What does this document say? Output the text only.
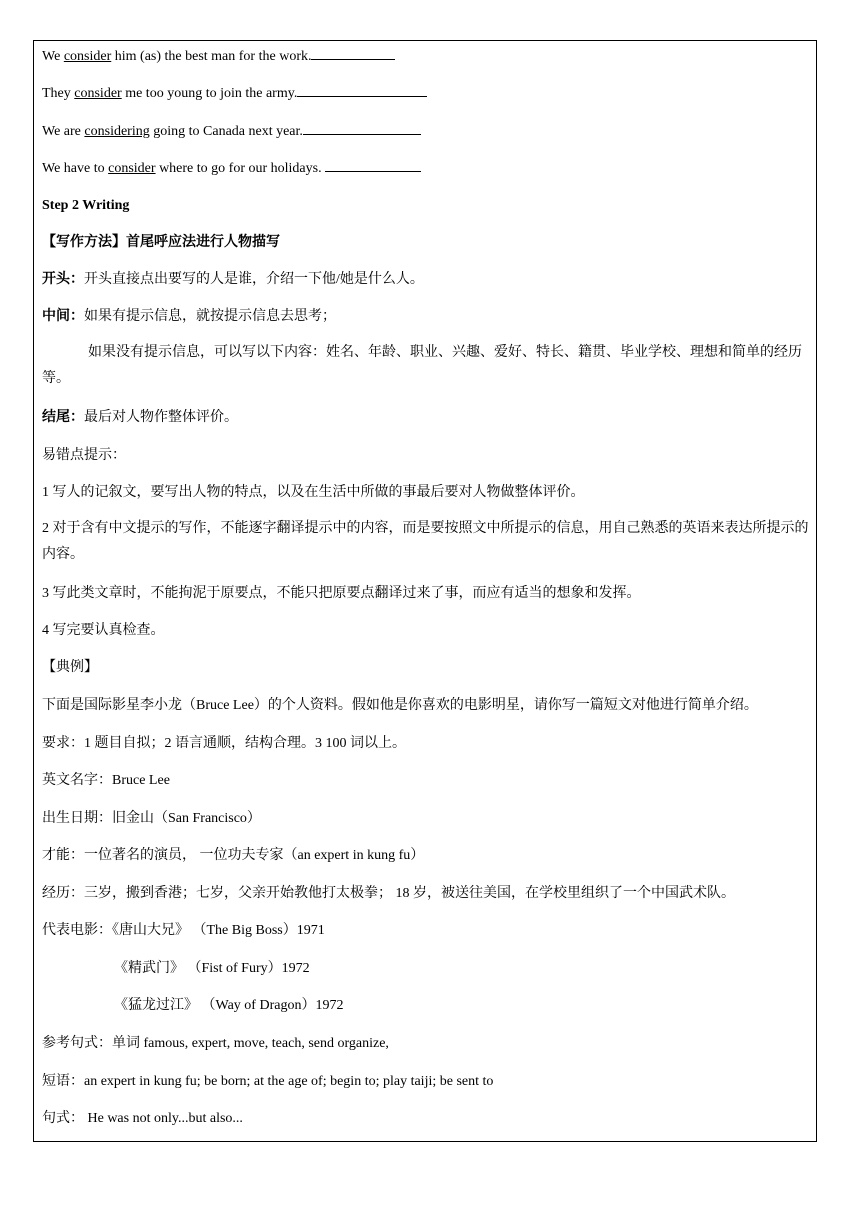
We consider him (as) the best man for the work.
They consider me too young to join the army.
We are considering going to Canada next year.
We have to consider where to go for our holidays.
Step 2 Writing
【写作方法】首尾呼应法进行人物描写
开头：开头直接点出要写的人是谁，介绍一下他/她是什么人。
中间：如果有提示信息，就按提示信息去思考；
如果没有提示信息，可以写以下内容：姓名、年龄、职业、兴趣、爱好、特长、籍贯、毕业学校、理想和简单的经历等。
结尾：最后对人物作整体评价。
易错点提示：
1 写人的记叙文，要写出人物的特点，以及在生活中所做的事最后要对人物做整体评价。
2 对于含有中文提示的写作，不能逐字翻译提示中的内容，而是要按照文中所提示的信息，用自己熟悉的英语来表达所提示的内容。
3 写此类文章时，不能拘泥于原要点，不能只把原要点翻译过来了事，而应有适当的想象和发挥。
4 写完要认真检查。
【典例】
下面是国际影星李小龙（Bruce Lee）的个人资料。假如他是你喜欢的电影明星，请你写一篇短文对他进行简单介绍。
要求：1 题目自拟；2 语言通顺，结构合理。3 100 词以上。
英文名字：Bruce Lee
出生日期：旧金山（San Francisco）
才能：一位著名的演员， 一位功夫专家（an expert in kung fu）
经历：三岁，搬到香港；七岁，父亲开始教他打太极拳； 18 岁，被送往美国，在学校里组织了一个中国武术队。
代表电影：《唐山大兄》 （The Big Boss）1971
《精武门》 （Fist of Fury）1972
《猛龙过江》 （Way of Dragon）1972
参考句式：单词 famous, expert, move, teach, send organize,
短语：an expert in kung fu; be born; at the age of; begin to; play taiji; be sent to
句式： He was not only...but also...
